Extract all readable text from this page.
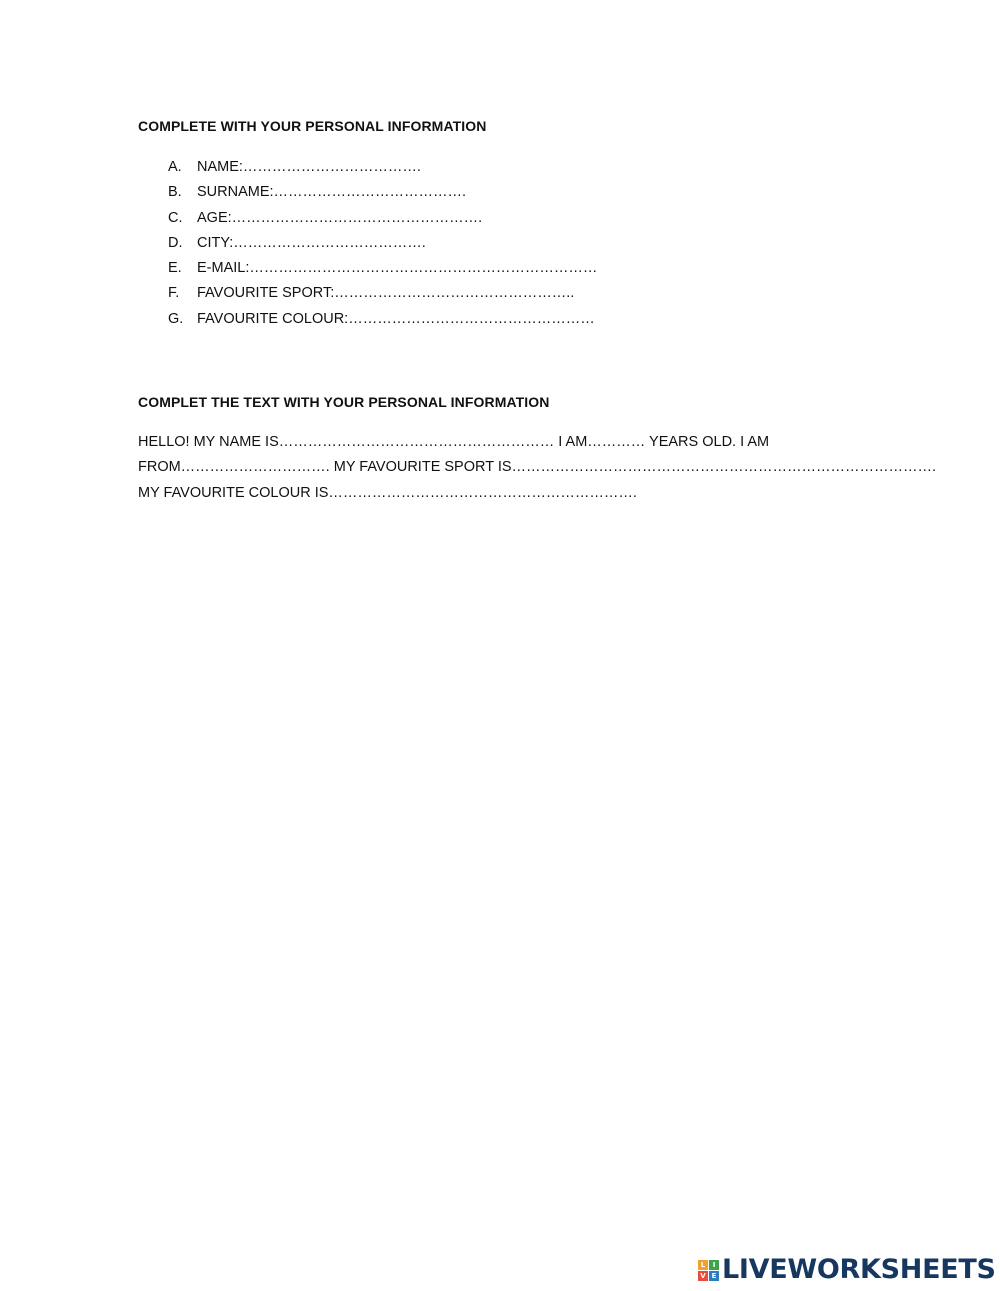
COMPLETE WITH YOUR PERSONAL INFORMATION
A.	NAME:……………………………….
B.	SURNAME:………………………………….
C.	AGE:…………………………………………….
D.	CITY:………………………………….
E.	E-MAIL:………………………………………………………………
F.	FAVOURITE SPORT:…………………………………………..
G. FAVOURITE COLOUR:……………………………………………
COMPLET THE TEXT WITH YOUR PERSONAL INFORMATION
HELLO! MY NAME IS………………………………………………… I AM………… YEARS OLD. I AM
FROM…………………………. MY FAVOURITE SPORT IS…………………………………………………………………………….
MY FAVOURITE COLOUR IS……………………………………………………….
L	I
V E LIVEWORKSHEETS
